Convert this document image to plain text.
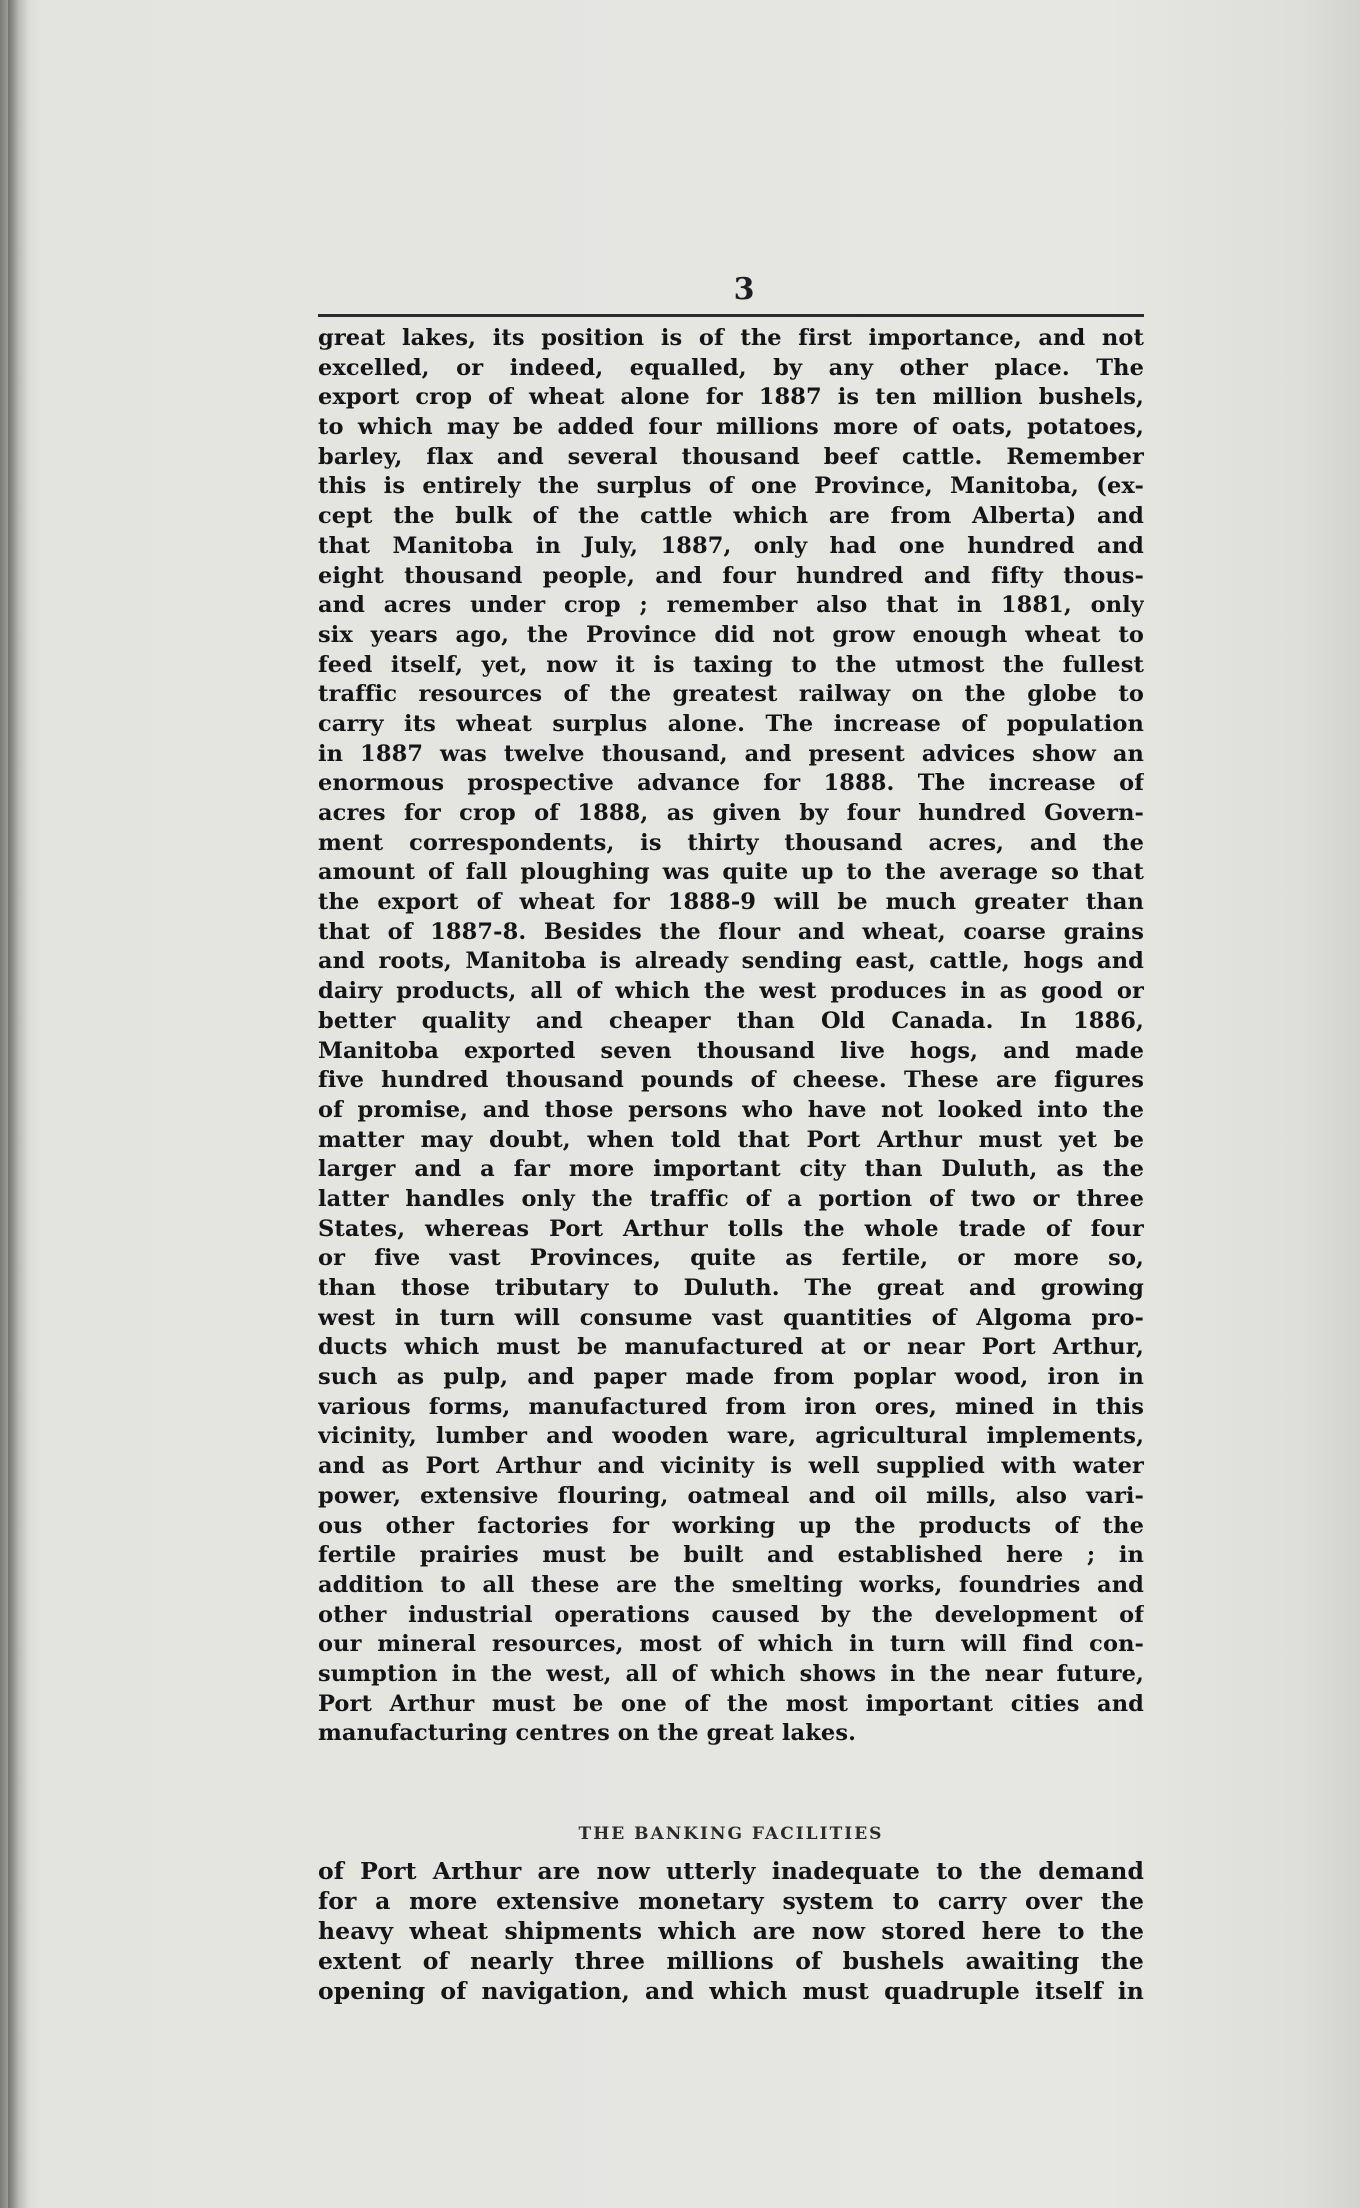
3
great lakes, its position is of the first importance, and not
excelled, or indeed, equalled, by any other place. The
export crop of wheat alone for 1887 is ten million bushels,
to which may be added four millions more of oats, potatoes,
barley, flax and several thousand beef cattle. Remember
this is entirely the surplus of one Province, Manitoba, (ex-
cept the bulk of the cattle which are from Alberta) and
that Manitoba in July, 1887, only had one hundred and
eight thousand people, and four hundred and fifty thous-
and acres under crop ; remember also that in 1881, only
six years ago, the Province did not grow enough wheat to
feed itself, yet, now it is taxing to the utmost the fullest
traffic resources of the greatest railway on the globe to
carry its wheat surplus alone. The increase of population
in 1887 was twelve thousand, and present advices show an
enormous prospective advance for 1888. The increase of
acres for crop of 1888, as given by four hundred Govern-
ment correspondents, is thirty thousand acres, and the
amount of fall ploughing was quite up to the average so that
the export of wheat for 1888-9 will be much greater than
that of 1887-8. Besides the flour and wheat, coarse grains
and roots, Manitoba is already sending east, cattle, hogs and
dairy products, all of which the west produces in as good or
better quality and cheaper than Old Canada. In 1886,
Manitoba exported seven thousand live hogs, and made
five hundred thousand pounds of cheese. These are figures
of promise, and those persons who have not looked into the
matter may doubt, when told that Port Arthur must yet be
larger and a far more important city than Duluth, as the
latter handles only the traffic of a portion of two or three
States, whereas Port Arthur tolls the whole trade of four
or five vast Provinces, quite as fertile, or more so,
than those tributary to Duluth. The great and growing
west in turn will consume vast quantities of Algoma pro-
ducts which must be manufactured at or near Port Arthur,
such as pulp, and paper made from poplar wood, iron in
various forms, manufactured from iron ores, mined in this
vicinity, lumber and wooden ware, agricultural implements,
and as Port Arthur and vicinity is well supplied with water
power, extensive flouring, oatmeal and oil mills, also vari-
ous other factories for working up the products of the
fertile prairies must be built and established here ; in
addition to all these are the smelting works, foundries and
other industrial operations caused by the development of
our mineral resources, most of which in turn will find con-
sumption in the west, all of which shows in the near future,
Port Arthur must be one of the most important cities and
manufacturing centres on the great lakes.
THE BANKING FACILITIES
of Port Arthur are now utterly inadequate to the demand
for a more extensive monetary system to carry over the
heavy wheat shipments which are now stored here to the
extent of nearly three millions of bushels awaiting the
opening of navigation, and which must quadruple itself in
